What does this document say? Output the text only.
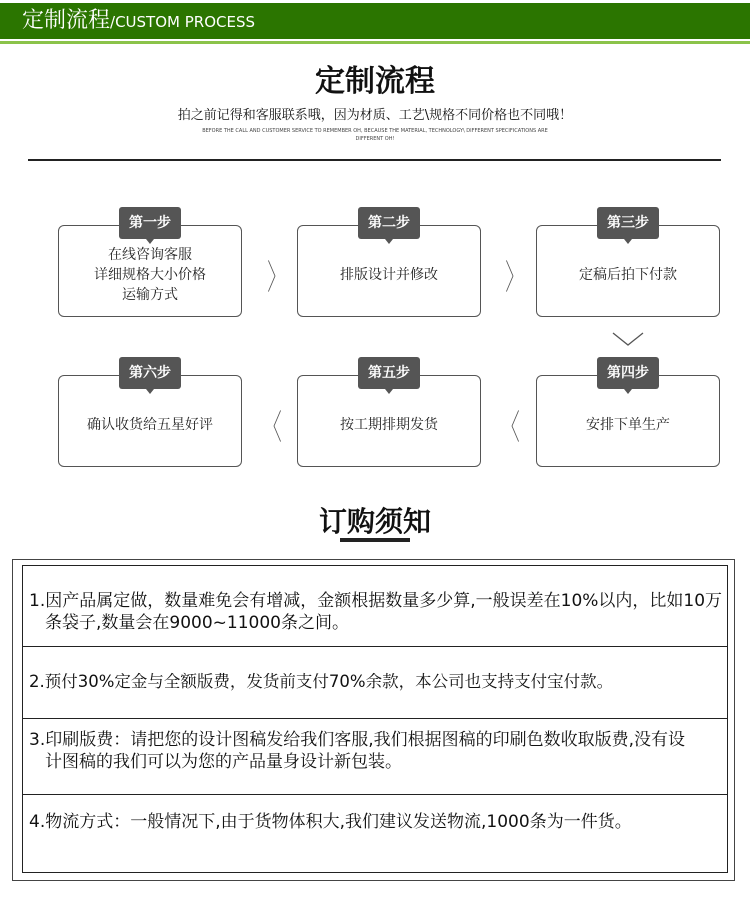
定制流程/CUSTOM PROCESS
定制流程
拍之前记得和客服联系哦，因为材质、工艺\规格不同价格也不同哦！
BEFORE THE CALL AND CUSTOMER SERVICE TO REMEMBER OH, BECAUSE THE MATERIAL, TECHNOLOGY\ DIFFERENT SPECIFICATIONS ARE DIFFERENT OH!
在线咨询客服
详细规格大小价格
运输方式
第一步
排版设计并修改
第二步
定稿后拍下付款
第三步
安排下单生产
第四步
按工期排期发货
第五步
确认收货给五星好评
第六步
〉	〉
〈	〈
订购须知
1.因产品属定做，数量难免会有增减，金额根据数量多少算,一般误差在10%以内，比如10万条袋子,数量会在9000~11000条之间。
2.预付30%定金与全额版费，发货前支付70%余款，本公司也支持支付宝付款。
3.印刷版费：请把您的设计图稿发给我们客服,我们根据图稿的印刷色数收取版费,没有设计图稿的我们可以为您的产品量身设计新包装。
4.物流方式：一般情况下,由于货物体积大,我们建议发送物流,1000条为一件货。
